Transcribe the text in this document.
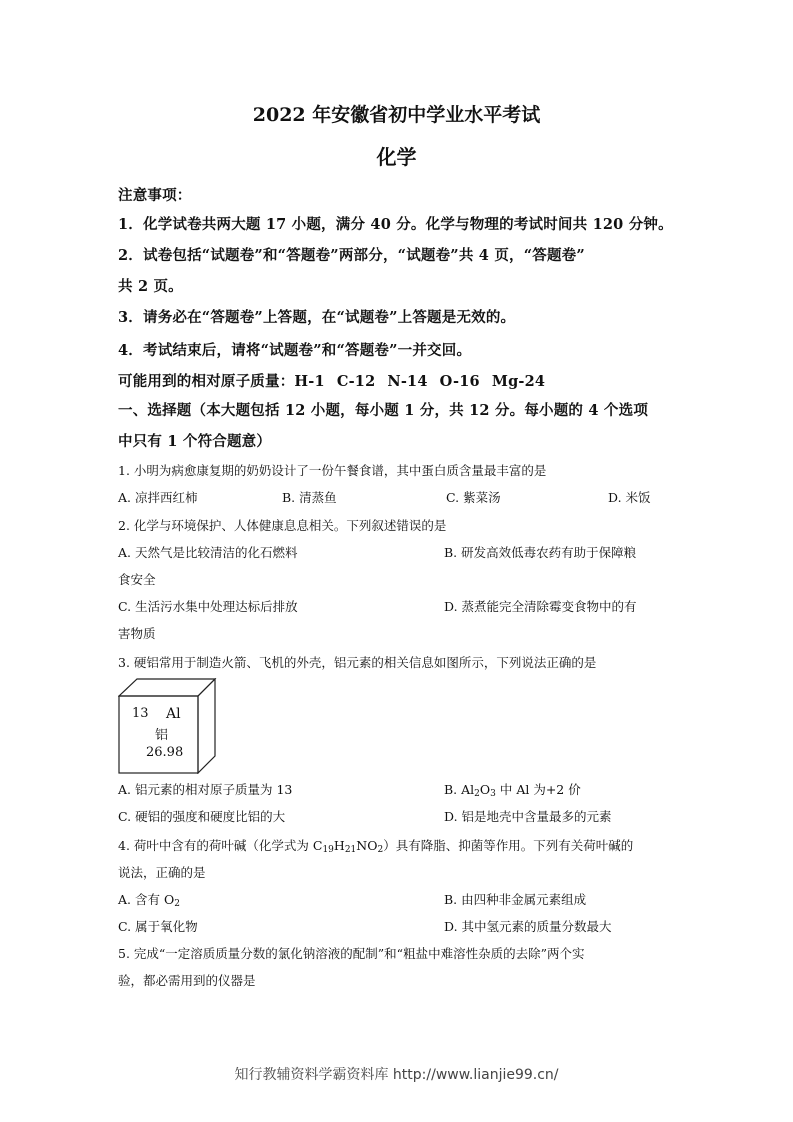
2022 年安徽省初中学业水平考试
化学
注意事项：
1．化学试卷共两大题 17 小题，满分 40 分。化学与物理的考试时间共 120 分钟。
2．试卷包括“试题卷”和“答题卷”两部分，“试题卷”共 4 页，“答题卷”
共 2 页。
3．请务必在“答题卷”上答题，在“试题卷”上答题是无效的。
4．考试结束后，请将“试题卷”和“答题卷”一并交回。
可能用到的相对原子质量：H-1 C-12 N-14 O-16 Mg-24
一、选择题（本大题包括 12 小题，每小题 1 分，共 12 分。每小题的 4 个选项
中只有 1 个符合题意）
1. 小明为病愈康复期的奶奶设计了一份午餐食谱，其中蛋白质含量最丰富的是
A. 凉拌西红柿	B. 清蒸鱼	C. 紫菜汤	D. 米饭
2. 化学与环境保护、人体健康息息相关。下列叙述错误的是
A. 天然气是比较清洁的化石燃料	B. 研发高效低毒农药有助于保障粮
食安全
C. 生活污水集中处理达标后排放	D. 蒸煮能完全清除霉变食物中的有
害物质
3. 硬铝常用于制造火箭、飞机的外壳，铝元素的相关信息如图所示，下列说法正确的是
13 Al
铝
26.98
A. 铝元素的相对原子质量为 13	B. $Al_2O_3$ 中 Al 为+2 价
C. 硬铝的强度和硬度比铝的大	D. 铝是地壳中含量最多的元素
4. 荷叶中含有的荷叶碱（化学式为 $C_{19}H_{21}NO_2$）具有降脂、抑菌等作用。下列有关荷叶碱的
说法，正确的是
A. 含有 $O_2$	B. 由四种非金属元素组成
C. 属于氧化物	D. 其中氢元素的质量分数最大
5. 完成“一定溶质质量分数的氯化钠溶液的配制”和“粗盐中难溶性杂质的去除”两个实
验，都必需用到的仪器是
知行教辅资料学霸资料库 http://www.lianjie99.cn/
